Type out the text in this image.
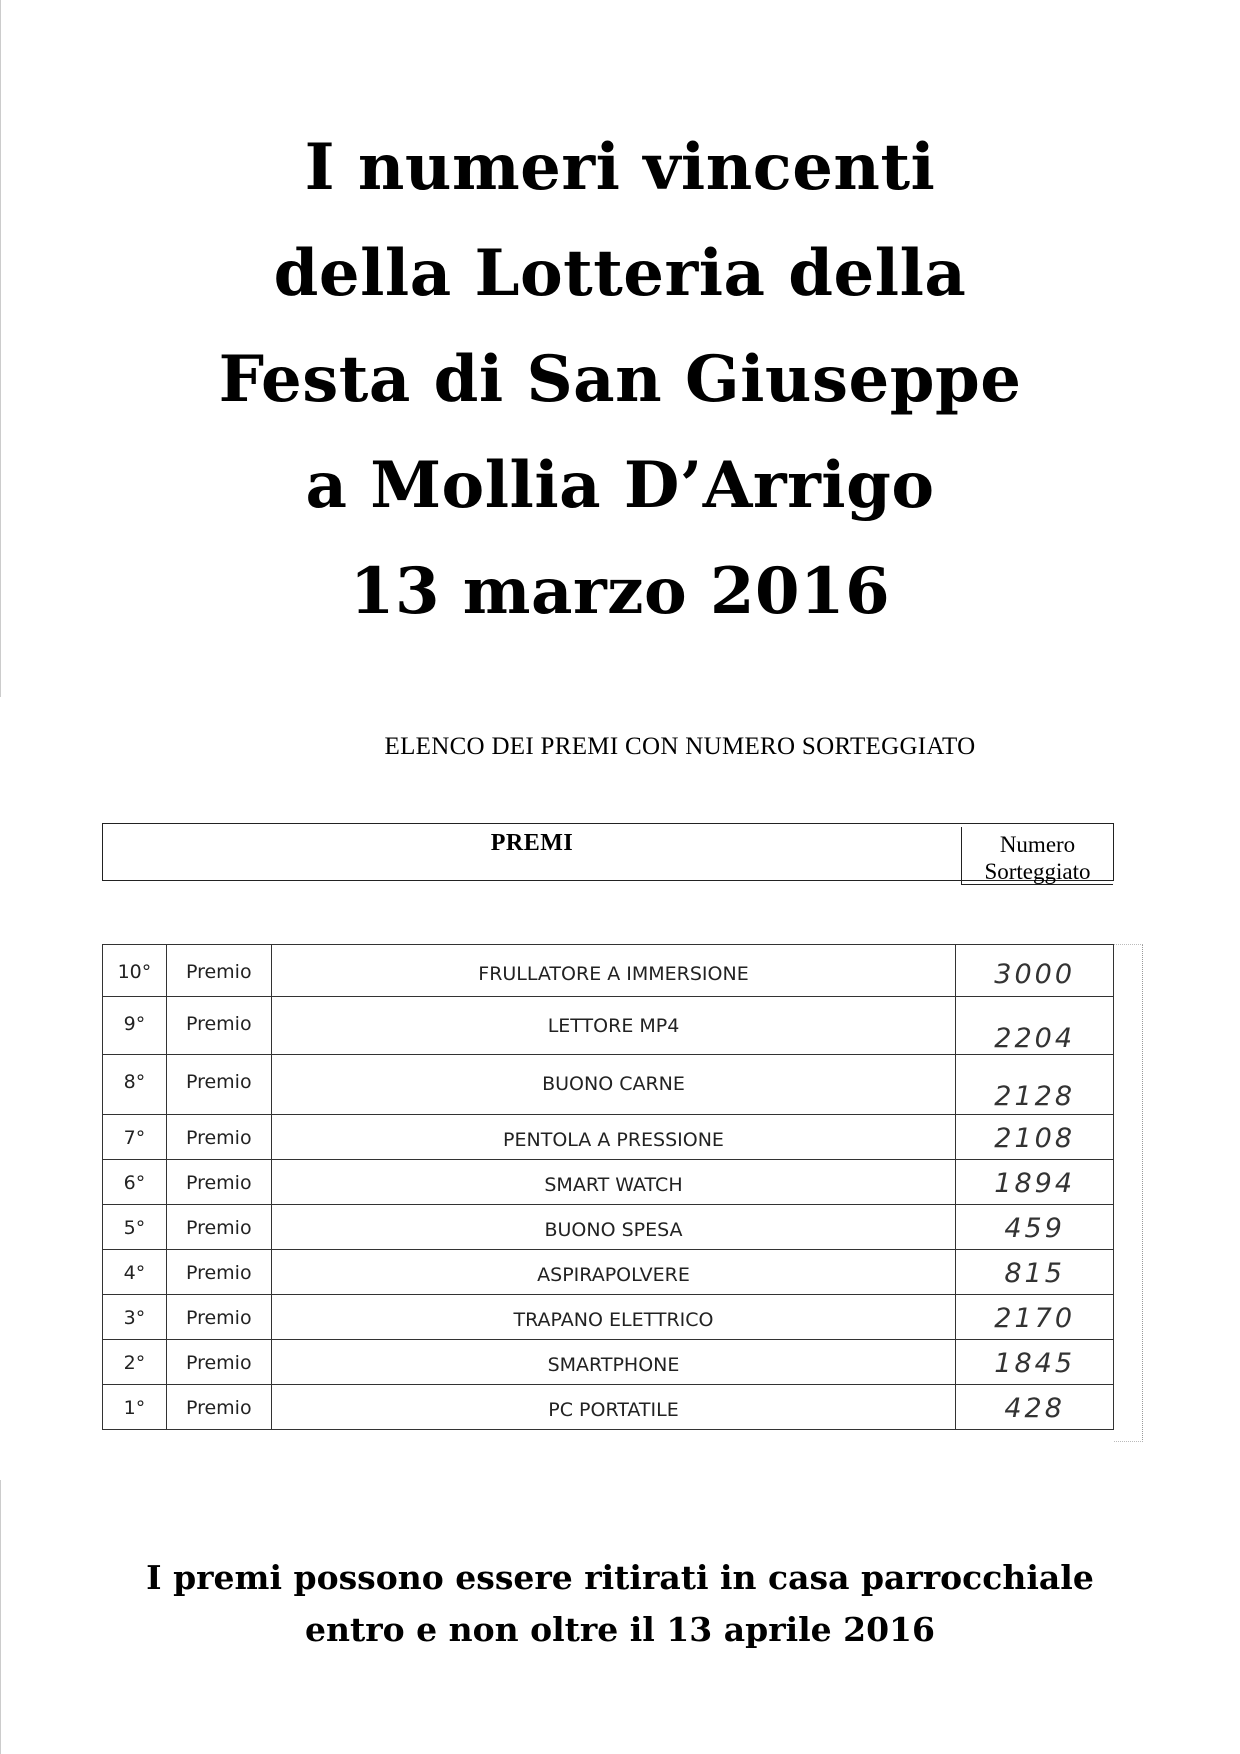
I numeri vincenti
della Lotteria della
Festa di San Giuseppe
a Mollia D’Arrigo
13 marzo 2016
ELENCO DEI PREMI CON NUMERO SORTEGGIATO
PREMI	Numero
Sorteggiato
10°	Premio	FRULLATORE A IMMERSIONE	3000
9°	Premio	LETTORE MP4	2204
8°	Premio	BUONO CARNE	2128
7°	Premio	PENTOLA A PRESSIONE	2108
6°	Premio	SMART WATCH	1894
5°	Premio	BUONO SPESA	459
4°	Premio	ASPIRAPOLVERE	815
3°	Premio	TRAPANO ELETTRICO	2170
2°	Premio	SMARTPHONE	1845
1°	Premio	PC PORTATILE	428
I premi possono essere ritirati in casa parrocchiale
entro e non oltre il 13 aprile 2016
